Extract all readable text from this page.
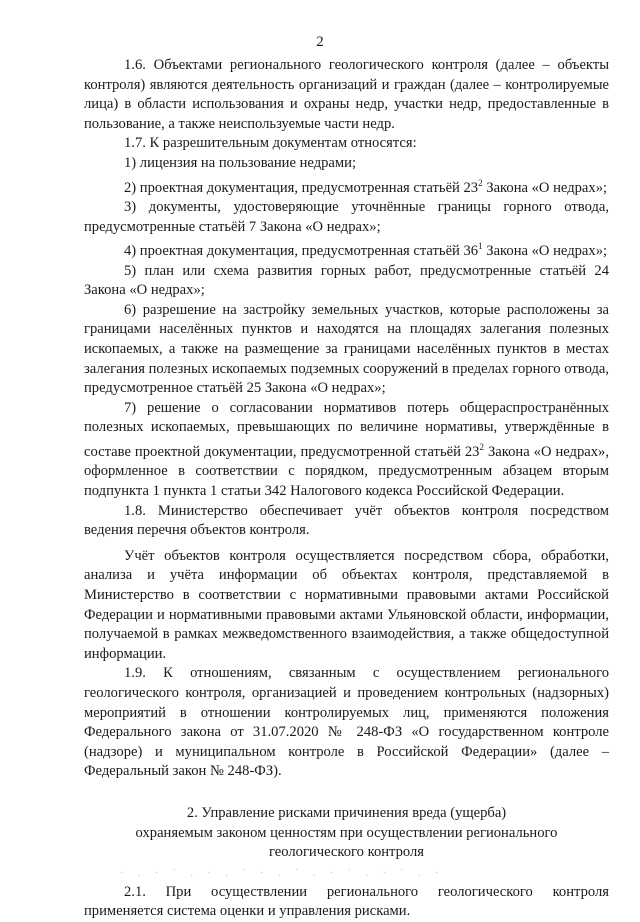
2

1.6. Объектами регионального геологического контроля (далее – объекты контроля) являются деятельность организаций и граждан (далее – контролируемые лица) в области использования и охраны недр, участки недр, предоставленные в пользование, а также неиспользуемые части недр.

1.7. К разрешительным документам относятся:

1) лицензия на пользование недрами;

2) проектная документация, предусмотренная статьёй $23^2$ Закона «О недрах»;

3) документы, удостоверяющие уточнённые границы горного отвода, предусмотренные статьёй 7 Закона «О недрах»;

4) проектная документация, предусмотренная статьёй $36^1$ Закона «О недрах»;

5) план или схема развития горных работ, предусмотренные статьёй 24 Закона «О недрах»;

6) разрешение на застройку земельных участков, которые расположены за границами населённых пунктов и находятся на площадях залегания полезных ископаемых, а также на размещение за границами населённых пунктов в местах залегания полезных ископаемых подземных сооружений в пределах горного отвода, предусмотренное статьёй 25 Закона «О недрах»;

7) решение о согласовании нормативов потерь общераспространённых полезных ископаемых, превышающих по величине нормативы, утверждённые в составе проектной документации, предусмотренной статьёй $23^2$ Закона «О недрах», оформленное в соответствии с порядком, предусмотренным абзацем вторым подпункта 1 пункта 1 статьи 342 Налогового кодекса Российской Федерации.

1.8. Министерство обеспечивает учёт объектов контроля посредством ведения перечня объектов контроля.

Учёт объектов контроля осуществляется посредством сбора, обработки, анализа и учёта информации об объектах контроля, представляемой в Министерство в соответствии с нормативными правовыми актами Российской Федерации и нормативными правовыми актами Ульяновской области, информации, получаемой в рамках межведомственного взаимодействия, а также общедоступной информации.

1.9. К отношениям, связанным с осуществлением регионального геологического контроля, организацией и проведением контрольных (надзорных) мероприятий в отношении контролируемых лиц, применяются положения Федерального закона от 31.07.2020 № 248-ФЗ «О государственном контроле (надзоре) и муниципальном контроле в Российской Федерации» (далее – Федеральный закон № 248-ФЗ).

2. Управление рисками причинения вреда (ущерба)
охраняемым законом ценностям при осуществлении регионального
геологического контроля

2.1. При осуществлении регионального геологического контроля применяется система оценки и управления рисками.

· . · ˙ . · . ˙ · . ˙ . · ˙ . · ˙ . ·
